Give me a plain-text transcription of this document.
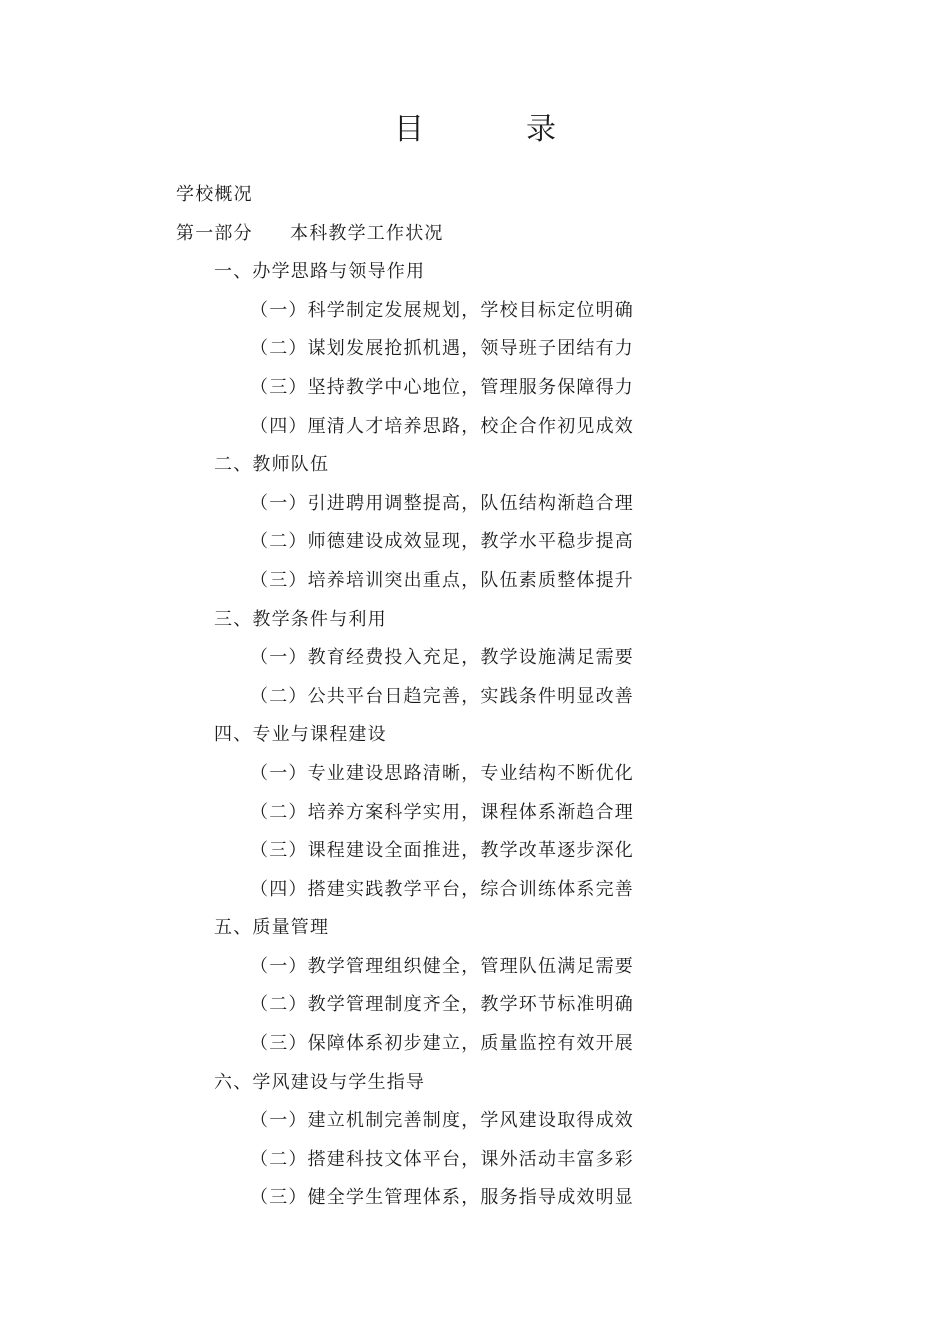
目　录
学校概况
第一部分 本科教学工作状况
一、办学思路与领导作用
（一）科学制定发展规划，学校目标定位明确
（二）谋划发展抢抓机遇，领导班子团结有力
（三）坚持教学中心地位，管理服务保障得力
（四）厘清人才培养思路，校企合作初见成效
二、教师队伍
（一）引进聘用调整提高，队伍结构渐趋合理
（二）师德建设成效显现，教学水平稳步提高
（三）培养培训突出重点，队伍素质整体提升
三、教学条件与利用
（一）教育经费投入充足，教学设施满足需要
（二）公共平台日趋完善，实践条件明显改善
四、专业与课程建设
（一）专业建设思路清晰，专业结构不断优化
（二）培养方案科学实用，课程体系渐趋合理
（三）课程建设全面推进，教学改革逐步深化
（四）搭建实践教学平台，综合训练体系完善
五、质量管理
（一）教学管理组织健全，管理队伍满足需要
（二）教学管理制度齐全，教学环节标准明确
（三）保障体系初步建立，质量监控有效开展
六、学风建设与学生指导
（一）建立机制完善制度，学风建设取得成效
（二）搭建科技文体平台，课外活动丰富多彩
（三）健全学生管理体系，服务指导成效明显
